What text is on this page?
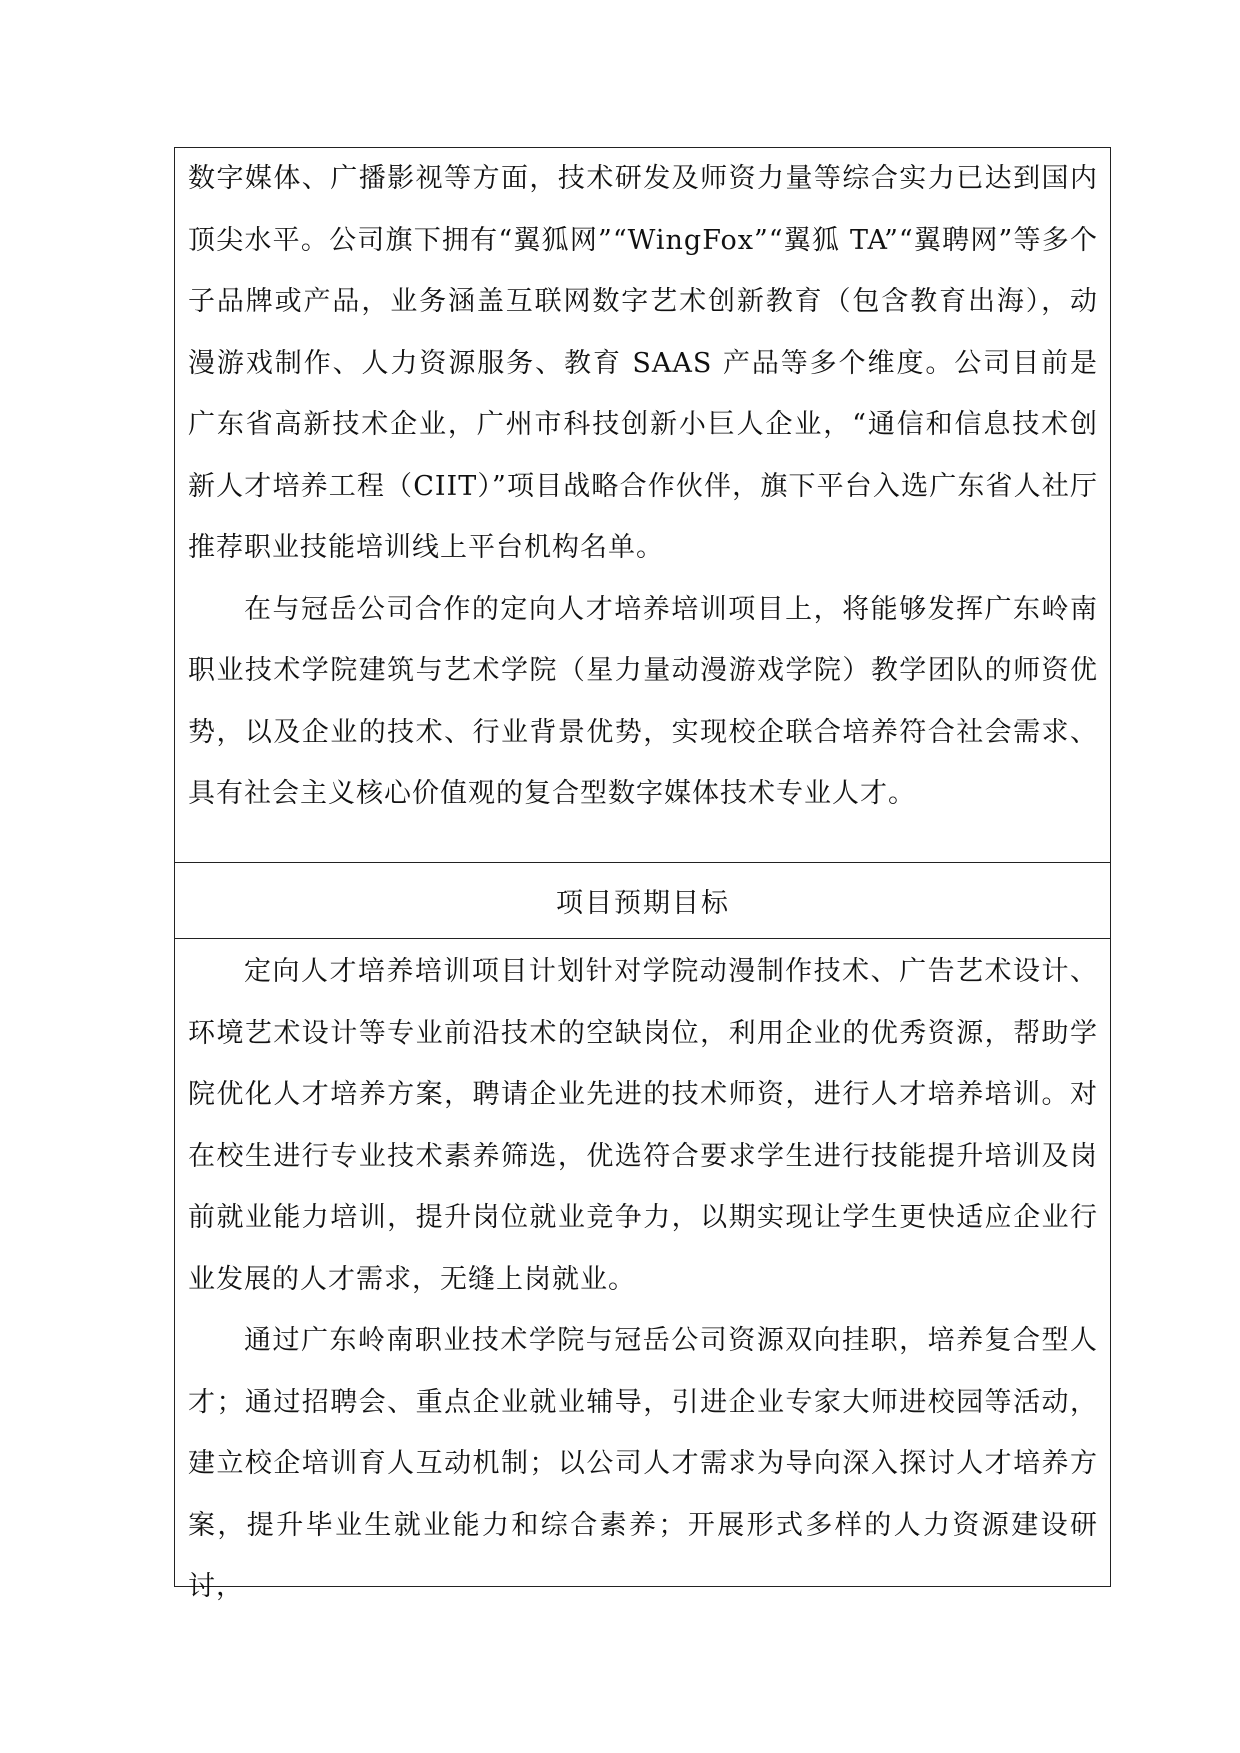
数字媒体、广播影视等方面，技术研发及师资力量等综合实力已达到国内顶尖水平。公司旗下拥有“翼狐网”“WingFox”“翼狐 TA”“翼聘网”等多个子品牌或产品，业务涵盖互联网数字艺术创新教育（包含教育出海），动漫游戏制作、人力资源服务、教育 SAAS 产品等多个维度。公司目前是广东省高新技术企业，广州市科技创新小巨人企业，“通信和信息技术创新人才培养工程（CIIT）”项目战略合作伙伴，旗下平台入选广东省人社厅推荐职业技能培训线上平台机构名单。

在与冠岳公司合作的定向人才培养培训项目上，将能够发挥广东岭南职业技术学院建筑与艺术学院（星力量动漫游戏学院）教学团队的师资优势，以及企业的技术、行业背景优势，实现校企联合培养符合社会需求、具有社会主义核心价值观的复合型数字媒体技术专业人才。

项目预期目标

定向人才培养培训项目计划针对学院动漫制作技术、广告艺术设计、环境艺术设计等专业前沿技术的空缺岗位，利用企业的优秀资源，帮助学院优化人才培养方案，聘请企业先进的技术师资，进行人才培养培训。对在校生进行专业技术素养筛选，优选符合要求学生进行技能提升培训及岗前就业能力培训，提升岗位就业竞争力，以期实现让学生更快适应企业行业发展的人才需求，无缝上岗就业。

通过广东岭南职业技术学院与冠岳公司资源双向挂职，培养复合型人才；通过招聘会、重点企业就业辅导，引进企业专家大师进校园等活动，建立校企培训育人互动机制；以公司人才需求为导向深入探讨人才培养方案，提升毕业生就业能力和综合素养；开展形式多样的人力资源建设研讨，
